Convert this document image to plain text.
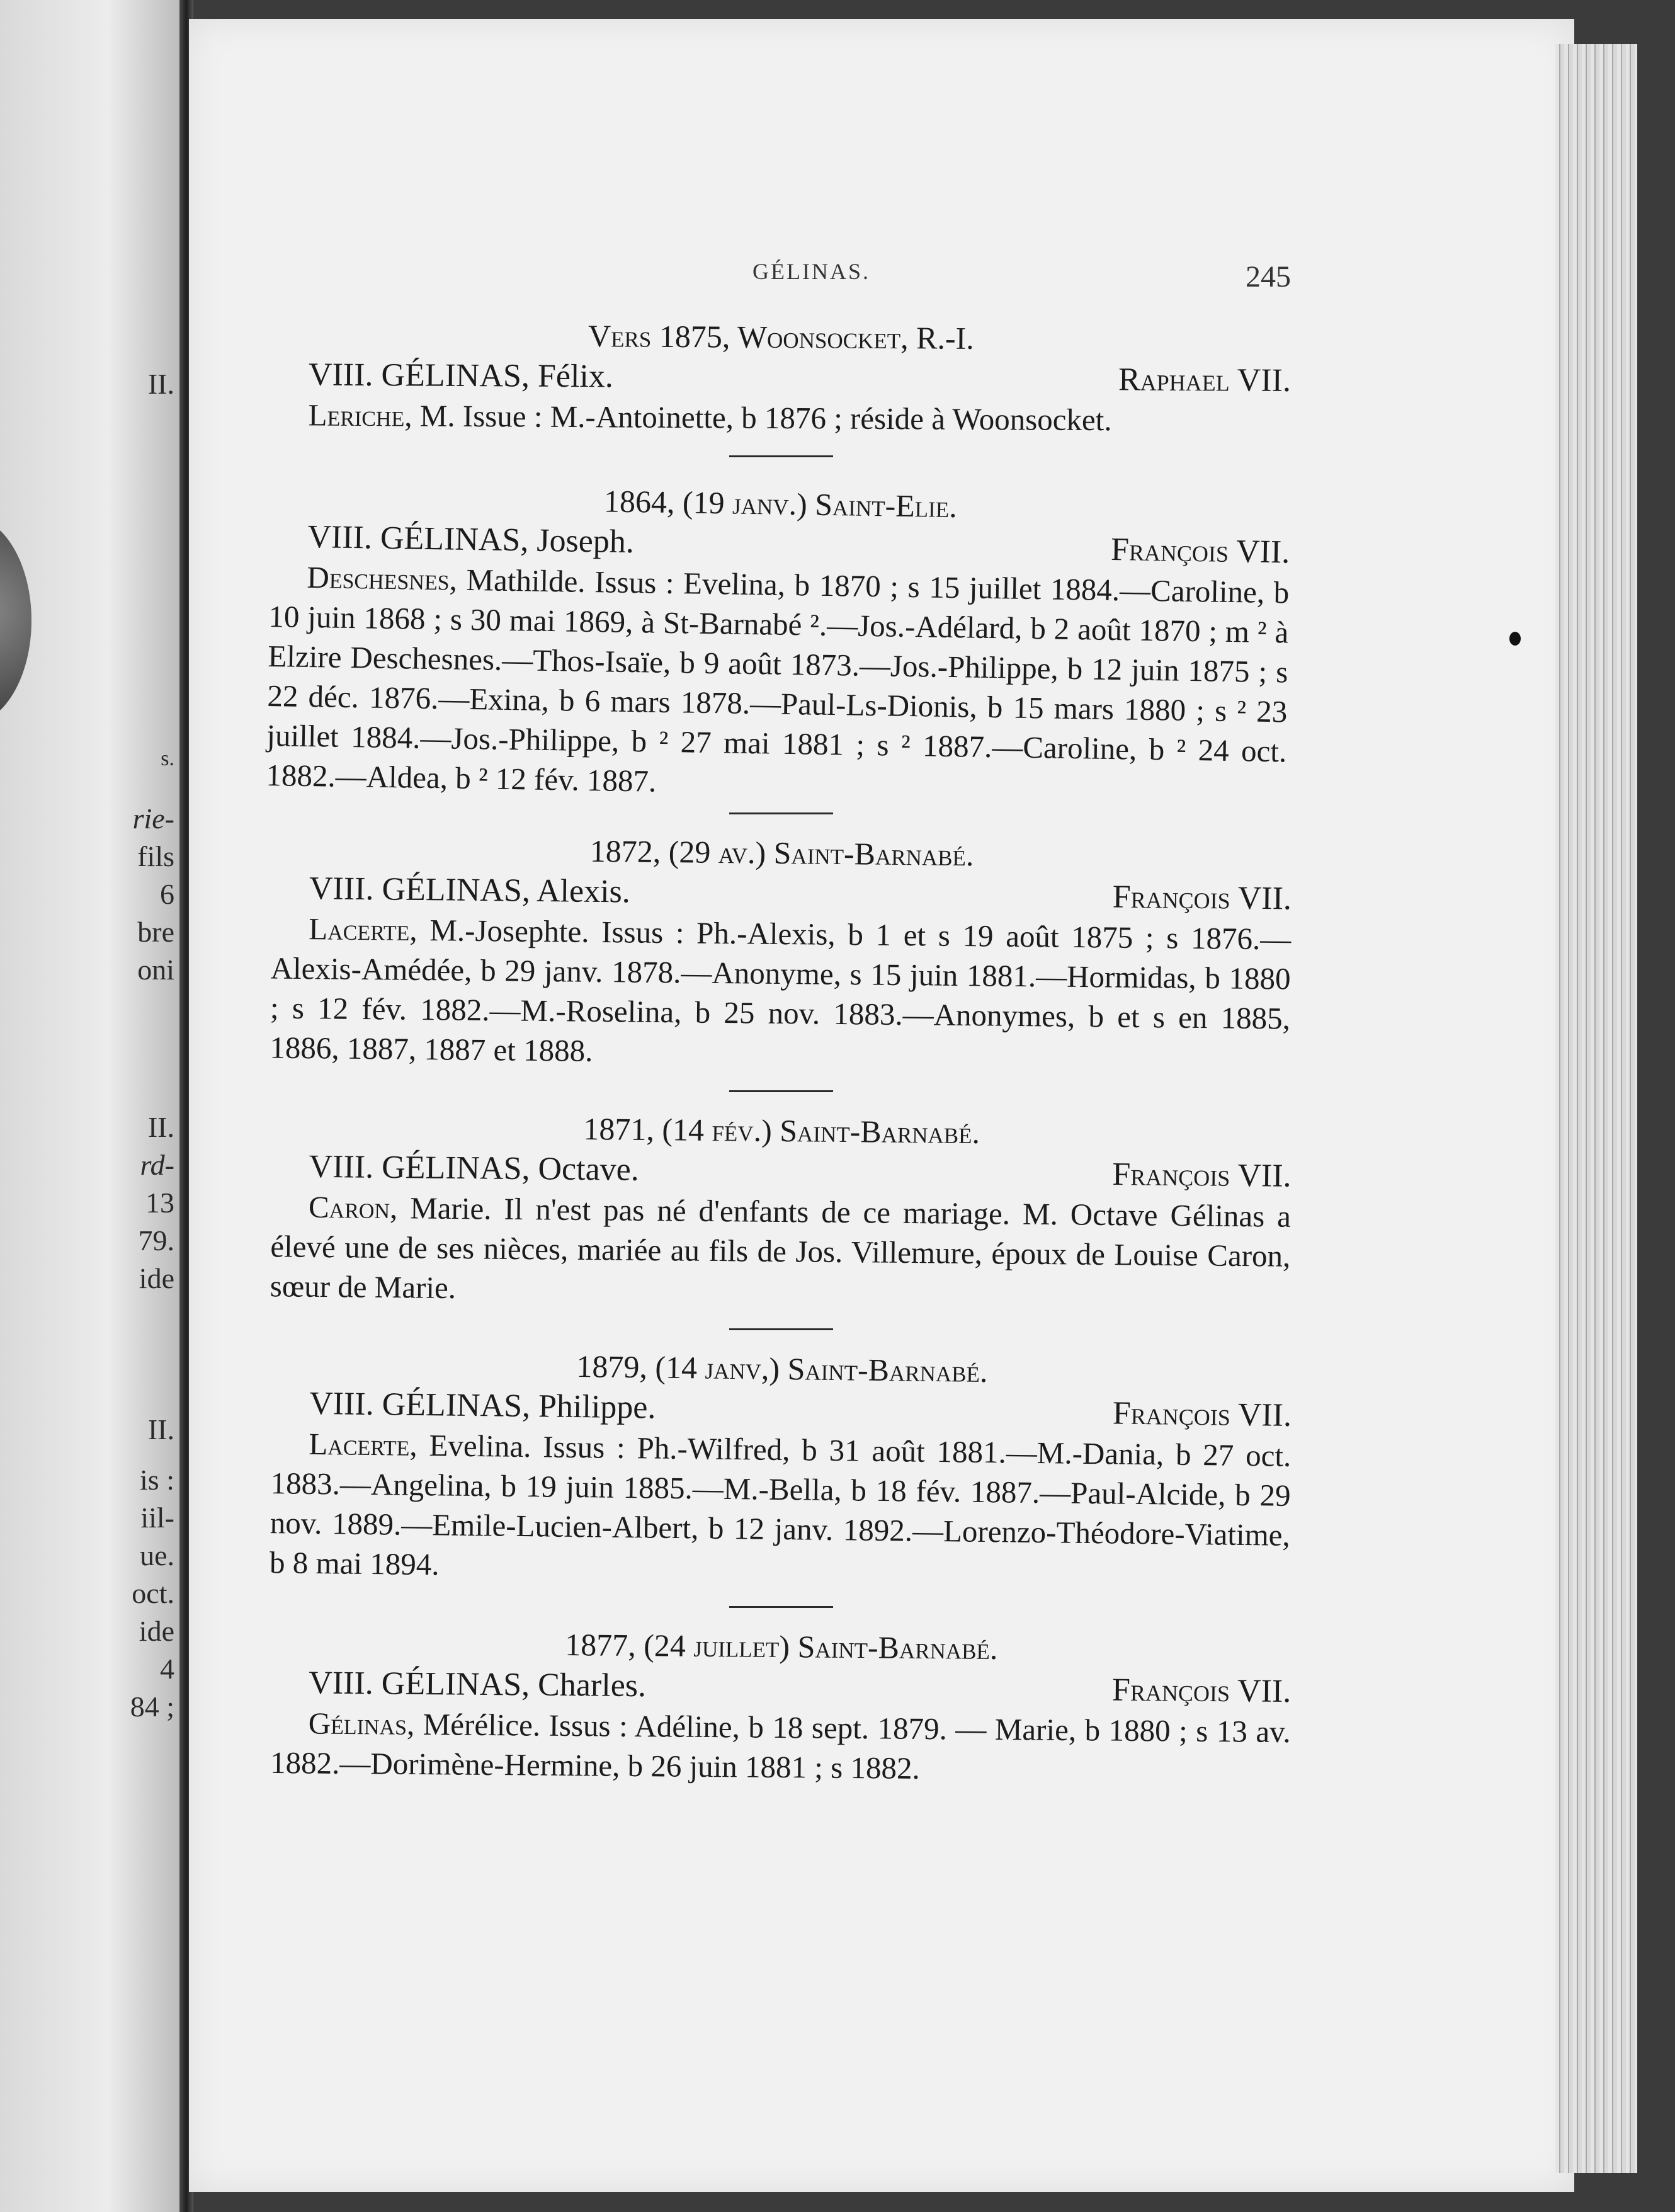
II.
s.
rie-
fils
6
bre
oni
II.
rd-
13
79.
ide
II.
is :
iil-
ue.
oct.
ide
4
84 ;
GÉLINAS.	245
Vers 1875, Woonsocket, R.-I.
VIII. GÉLINAS, Félix.	Raphael VII.
Leriche, M. Issue : M.-Antoinette, b 1876 ; réside à Woonsocket.
1864, (19 janv.) Saint-Elie.
VIII. GÉLINAS, Joseph.	François VII.
Deschesnes, Mathilde. Issus : Evelina, b 1870 ; s 15 juillet 1884.—Caroline, b 10 juin 1868 ; s 30 mai 1869, à St-Barnabé ².—Jos.-Adélard, b 2 août 1870 ; m ² à Elzire Deschesnes.—Thos-Isaïe, b 9 août 1873.—Jos.-Philippe, b 12 juin 1875 ; s 22 déc. 1876.—Exina, b 6 mars 1878.—Paul-Ls-Dionis, b 15 mars 1880 ; s ² 23 juillet 1884.—Jos.-Philippe, b ² 27 mai 1881 ; s ² 1887.—Caroline, b ² 24 oct. 1882.—Aldea, b ² 12 fév. 1887.
1872, (29 av.) Saint-Barnabé.
VIII. GÉLINAS, Alexis.	François VII.
Lacerte, M.-Josephte. Issus : Ph.-Alexis, b 1 et s 19 août 1875 ; s 1876.—Alexis-Amédée, b 29 janv. 1878.—Anonyme, s 15 juin 1881.—Hormidas, b 1880 ; s 12 fév. 1882.—M.-Roselina, b 25 nov. 1883.—Anonymes, b et s en 1885, 1886, 1887, 1887 et 1888.
1871, (14 fév.) Saint-Barnabé.
VIII. GÉLINAS, Octave.	François VII.
Caron, Marie. Il n'est pas né d'enfants de ce mariage. M. Octave Gélinas a élevé une de ses nièces, mariée au fils de Jos. Villemure, époux de Louise Caron, sœur de Marie.
1879, (14 janv,) Saint-Barnabé.
VIII. GÉLINAS, Philippe.	François VII.
Lacerte, Evelina. Issus : Ph.-Wilfred, b 31 août 1881.—M.-Dania, b 27 oct. 1883.—Angelina, b 19 juin 1885.—M.-Bella, b 18 fév. 1887.—Paul-Alcide, b 29 nov. 1889.—Emile-Lucien-Albert, b 12 janv. 1892.—Lorenzo-Théodore-Viatime, b 8 mai 1894.
1877, (24 juillet) Saint-Barnabé.
VIII. GÉLINAS, Charles.	François VII.
Gélinas, Mérélice. Issus : Adéline, b 18 sept. 1879. — Marie, b 1880 ; s 13 av. 1882.—Dorimène-Hermine, b 26 juin 1881 ; s 1882.
